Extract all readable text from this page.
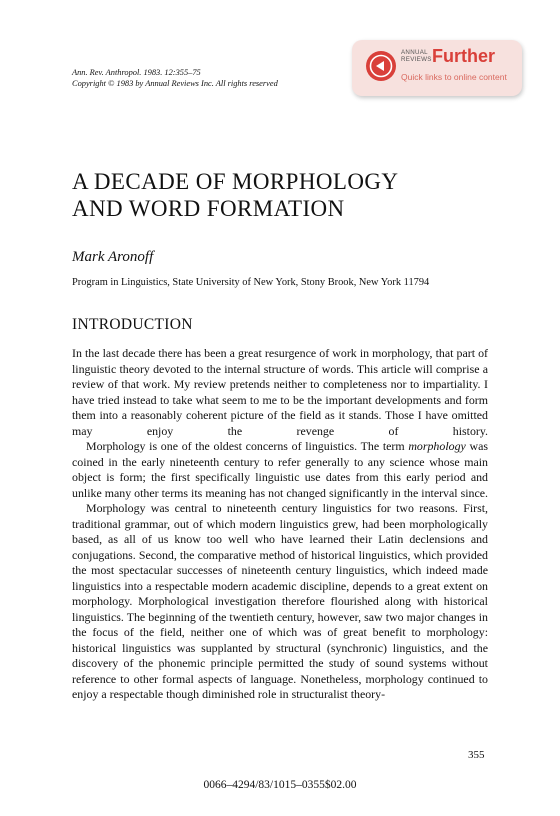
Ann. Rev. Anthropol. 1983. 12:355–75
Copyright © 1983 by Annual Reviews Inc. All rights reserved
ANNUAL
REVIEWS Further
Quick links to online content
A DECADE OF MORPHOLOGY
AND WORD FORMATION
Mark Aronoff
Program in Linguistics, State University of New York, Stony Brook, New York 11794
INTRODUCTION

In the last decade there has been a great resurgence of work in morphology, that part of linguistic theory devoted to the internal structure of words. This article will comprise a review of that work. My review pretends neither to completeness nor to impartiality. I have tried instead to take what seem to me to be the important developments and form them into a reasonably coherent picture of the field as it stands. Those I have omitted may enjoy the revenge of history.

Morphology is one of the oldest concerns of linguistics. The term morphology was coined in the early nineteenth century to refer generally to any science whose main object is form; the first specifically linguistic use dates from this early period and unlike many other terms its meaning has not changed significantly in the interval since.

Morphology was central to nineteenth century linguistics for two reasons. First, traditional grammar, out of which modern linguistics grew, had been morphologically based, as all of us know too well who have learned their Latin declensions and conjugations. Second, the comparative method of historical linguistics, which provided the most spectacular successes of nineteenth century linguistics, which indeed made linguistics into a respectable modern academic discipline, depends to a great extent on morphology. Morphological investigation therefore flourished along with historical linguistics. The beginning of the twentieth century, however, saw two major changes in the focus of the field, neither one of which was of great benefit to morphology: historical linguistics was supplanted by structural (synchronic) linguistics, and the discovery of the phonemic principle permitted the study of sound systems without reference to other formal aspects of language. Nonetheless, morphology continued to enjoy a respectable though diminished role in structuralist theory-

355
0066–4294/83/1015–0355$02.00
